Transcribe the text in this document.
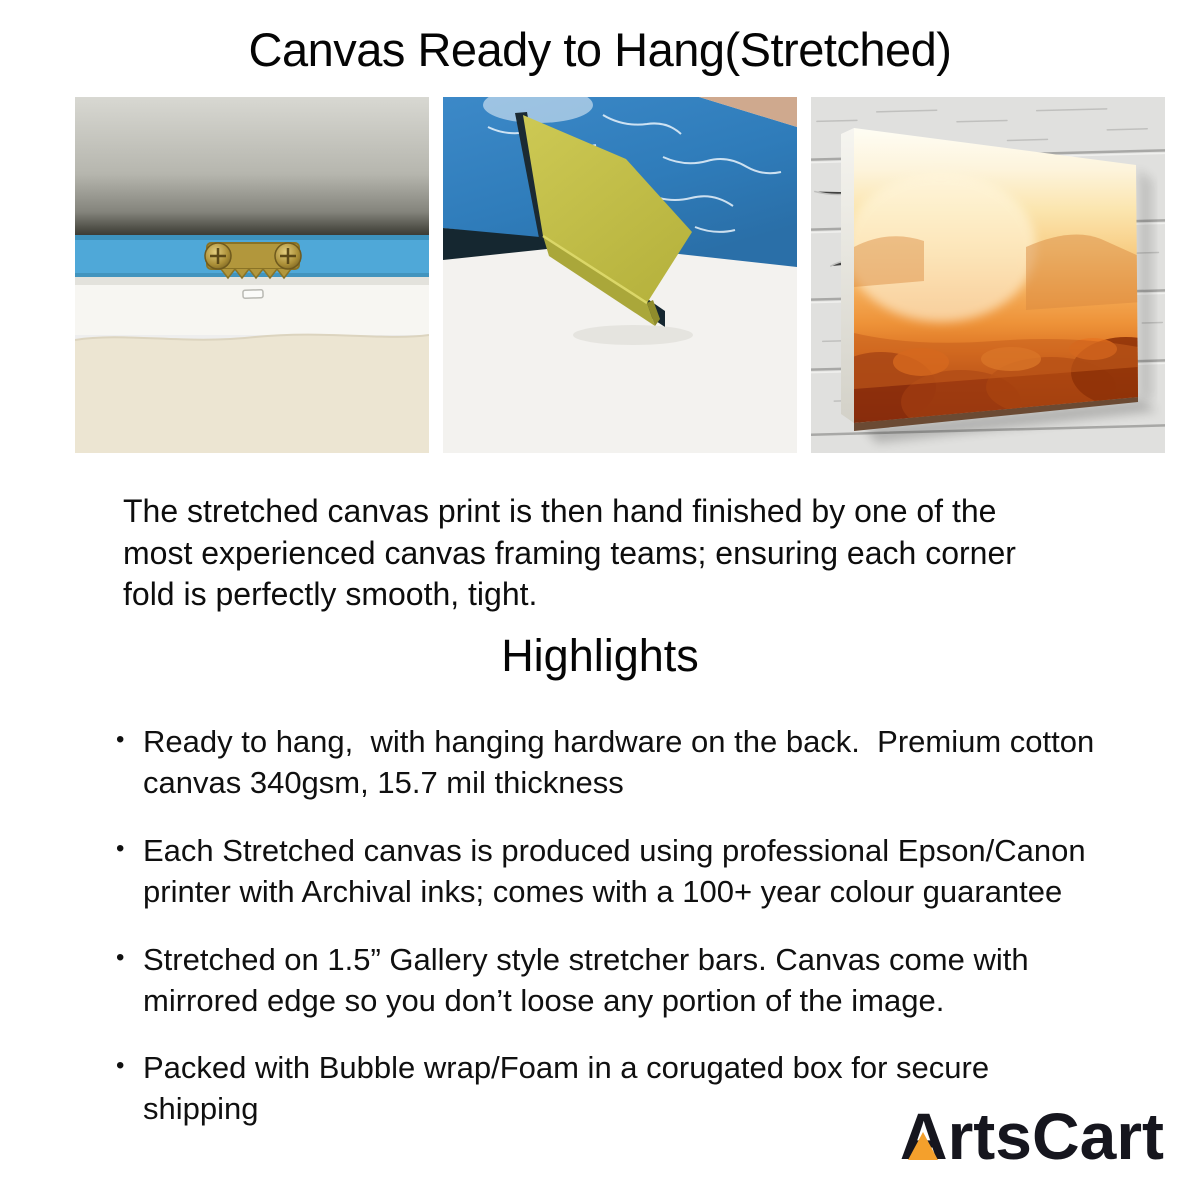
Canvas Ready to Hang(Stretched)

The stretched canvas print is then hand finished by one of the most experienced canvas framing teams; ensuring each corner fold is perfectly smooth, tight.

Highlights
• Ready to hang,  with hanging hardware on the back.  Premium cotton canvas 340gsm, 15.7 mil thickness
• Each Stretched canvas is produced using professional Epson/Canon printer with Archival inks; comes with a 100+ year colour guarantee
• Stretched on 1.5” Gallery style stretcher bars. Canvas come with mirrored edge so you don’t loose any portion of the image.
• Packed with Bubble wrap/Foam in a corugated box for secure shipping	A
rtsCart
